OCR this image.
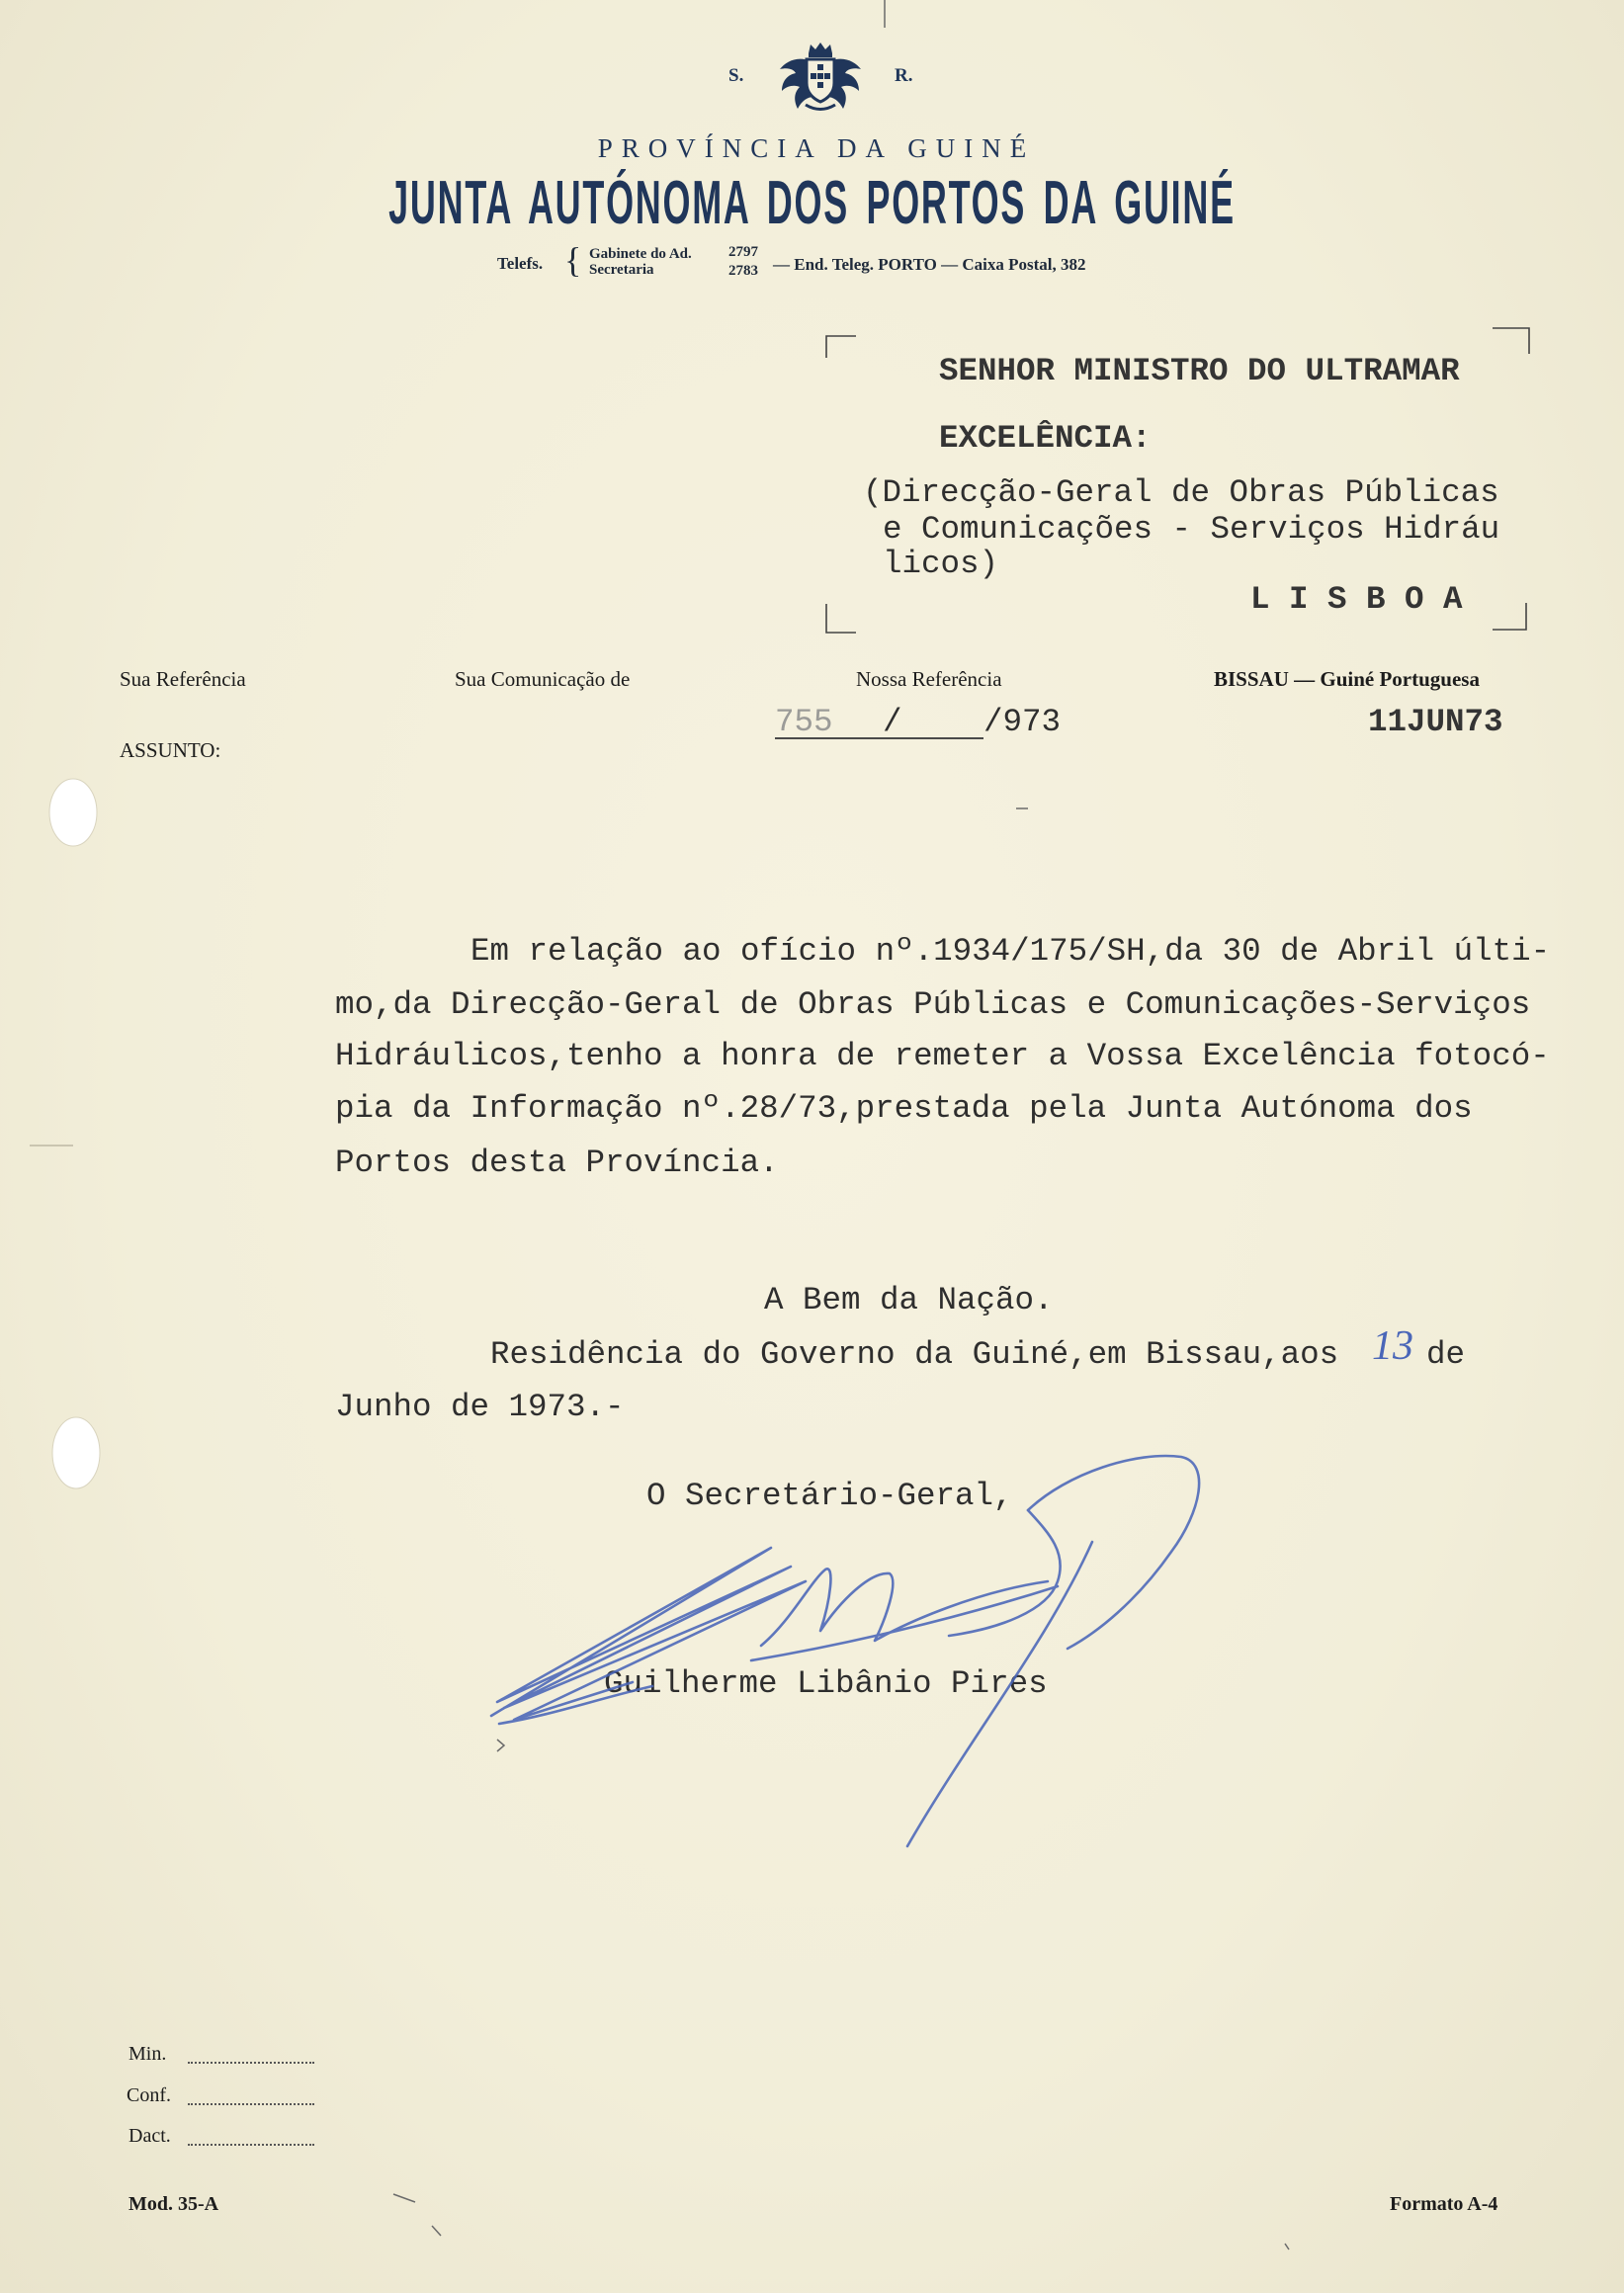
S.	R.
PROVÍNCIA DA GUINÉ
JUNTA AUTÓNOMA DOS PORTOS DA GUINÉ
Telefs. { Gabinete do Ad.
Secretaria
2797
2783 — End. Teleg. PORTO — Caixa Postal, 382
SENHOR MINISTRO DO ULTRAMAR
EXCELÊNCIA:
(Direcção-Geral de Obras Públicas
e Comunicações - Serviços Hidráu
licos)
L I S B O A
Sua Referência	Sua Comunicação de	Nossa Referência	BISSAU — Guiné Portuguesa
755 /	/973	11JUN73
ASSUNTO:
Em relação ao ofício nº.1934/175/SH,da 30 de Abril últi-
mo,da Direcção-Geral de Obras Públicas e Comunicações-Serviços
Hidráulicos,tenho a honra de remeter a Vossa Excelência fotocó-
pia da Informação nº.28/73,prestada pela Junta Autónoma dos
Portos desta Província.
A Bem da Nação.
Residência do Governo da Guiné,em Bissau,aos 13 de
Junho de 1973.-
O Secretário-Geral,
Guilherme Libânio Pires
Min.
Conf.
Dact.
Mod. 35-A	Formato A-4
